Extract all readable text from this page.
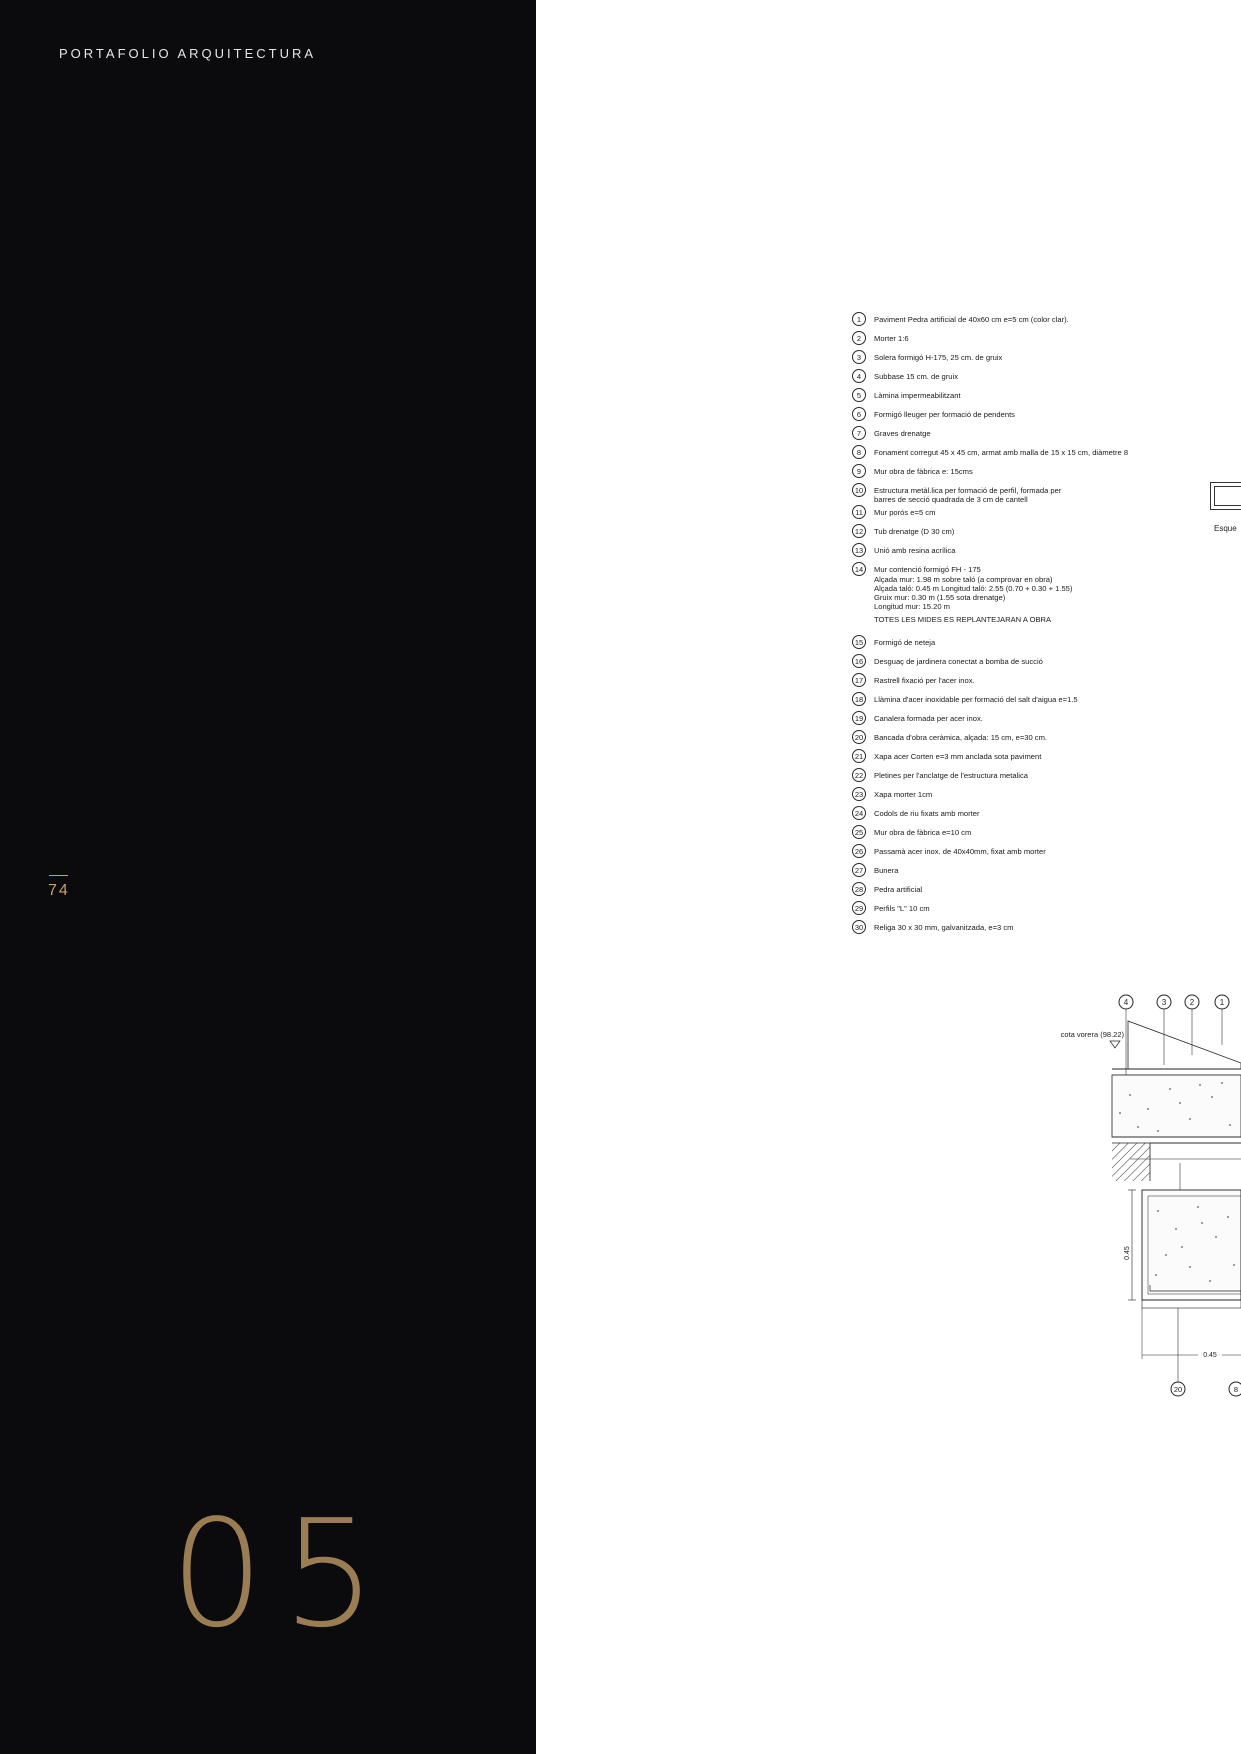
PORTAFOLIO ARQUITECTURA
74
05
1	Paviment Pedra artificial de 40x60 cm e=5 cm (color clar).
2	Morter 1:6
3	Solera formigó H-175, 25 cm. de gruix
4	Subbase 15 cm. de gruix
5	Làmina impermeabilitzant
6	Formigó lleuger per formació de pendents
7	Graves drenatge
8	Fonament corregut 45 x 45 cm, armat amb malla de 15 x 15 cm, diàmetre 8
9	Mur obra de fàbrica e: 15cms
10	Estructura metàl.lica per formació de perfil, formada per
barres de secció quadrada de 3 cm de cantell
11	Mur porós e=5 cm
12	Tub drenatge (D 30 cm)
13	Unió amb resina acrílica
14	Mur contenció formigó FH - 175
Alçada mur: 1.98 m sobre taló (a comprovar en obra)
Alçada taló: 0.45 m Longitud taló: 2.55 (0.70 + 0.30 + 1.55)
Gruix mur: 0.30 m (1.55 sota drenatge)
Longitud mur: 15.20 m
TOTES LES MIDES ES REPLANTEJARAN A OBRA
15	Formigó de neteja
16	Desguaç de jardinera conectat a bomba de succió
17	Rastrell fixació per l'acer inox.
18	Llàmina d'acer inoxidable per formació del salt d'aigua e=1.5
19	Canalera formada per acer inox.
20	Bancada d'obra ceràmica, alçada: 15 cm, e=30 cm.
21	Xapa acer Corten e=3 mm anclada sota paviment
22	Pletines per l'anclatge de l'estructura metalica
23	Xapa morter 1cm
24	Codols de riu fixats amb morter
25	Mur obra de fàbrica e=10 cm
26	Passamà acer inox. de 40x40mm, fixat amb morter
27	Bunera
28	Pedra artificial
29	Perfils "L" 10 cm
30	Religa 30 x 30 mm, galvanitzada, e=3 cm
Esque
4	3	2	1
cota vorera (98.22)
0.45
0.45
20	8
